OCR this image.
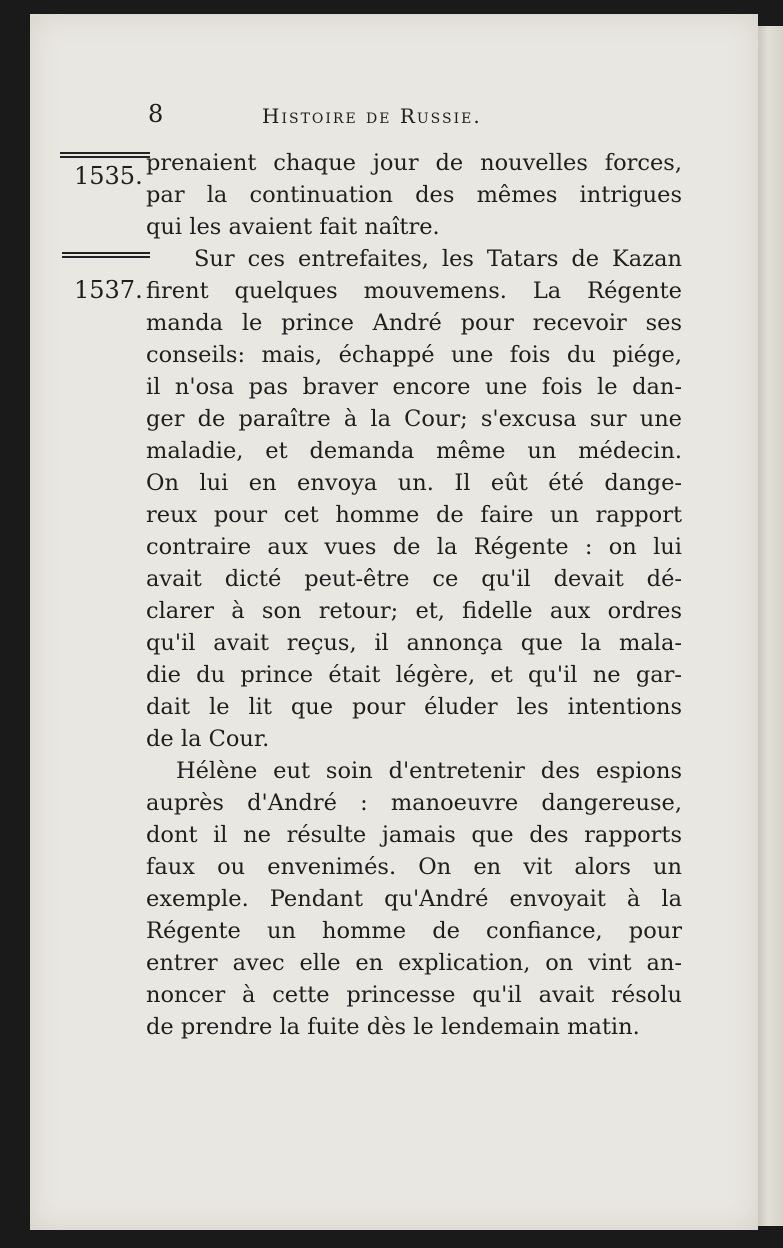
8	Histoire de Russie.
1535.
1537.
prenaient chaque jour de nouvelles forces,
par la continuation des mêmes intrigues
qui les avaient fait naître.
Sur ces entrefaites, les Tatars de Kazan
firent quelques mouvemens. La Régente
manda le prince André pour recevoir ses
conseils: mais, échappé une fois du piége,
il n'osa pas braver encore une fois le dan-
ger de paraître à la Cour; s'excusa sur une
maladie, et demanda même un médecin.
On lui en envoya un. Il eût été dange-
reux pour cet homme de faire un rapport
contraire aux vues de la Régente : on lui
avait dicté peut-être ce qu'il devait dé-
clarer à son retour; et, fidelle aux ordres
qu'il avait reçus, il annonça que la mala-
die du prince était légère, et qu'il ne gar-
dait le lit que pour éluder les intentions
de la Cour.
Hélène eut soin d'entretenir des espions
auprès d'André : manoeuvre dangereuse,
dont il ne résulte jamais que des rapports
faux ou envenimés. On en vit alors un
exemple. Pendant qu'André envoyait à la
Régente un homme de confiance, pour
entrer avec elle en explication, on vint an-
noncer à cette princesse qu'il avait résolu
de prendre la fuite dès le lendemain matin.
